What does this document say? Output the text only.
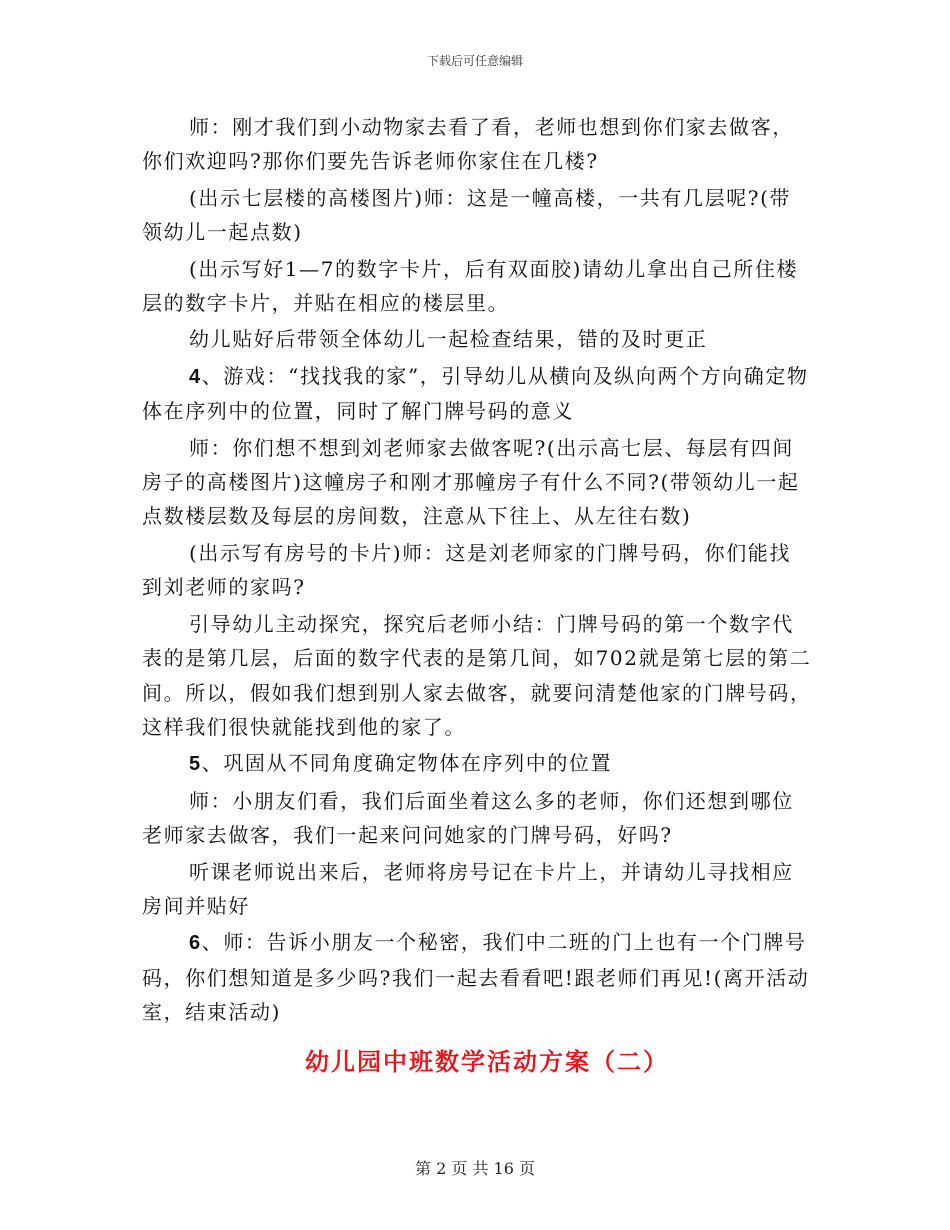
下载后可任意编辑

师：刚才我们到小动物家去看了看，老师也想到你们家去做客，你们欢迎吗?那你们要先告诉老师你家住在几楼?

(出示七层楼的高楼图片)师：这是一幢高楼，一共有几层呢?(带领幼儿一起点数)

(出示写好1—7的数字卡片，后有双面胶)请幼儿拿出自己所住楼层的数字卡片，并贴在相应的楼层里。

幼儿贴好后带领全体幼儿一起检查结果，错的及时更正

4、游戏：“找找我的家”，引导幼儿从横向及纵向两个方向确定物体在序列中的位置，同时了解门牌号码的意义

师：你们想不想到刘老师家去做客呢?(出示高七层、每层有四间房子的高楼图片)这幢房子和刚才那幢房子有什么不同?(带领幼儿一起点数楼层数及每层的房间数，注意从下往上、从左往右数)

(出示写有房号的卡片)师：这是刘老师家的门牌号码，你们能找到刘老师的家吗?

引导幼儿主动探究，探究后老师小结：门牌号码的第一个数字代表的是第几层，后面的数字代表的是第几间，如702就是第七层的第二间。所以，假如我们想到别人家去做客，就要问清楚他家的门牌号码，这样我们很快就能找到他的家了。

5、巩固从不同角度确定物体在序列中的位置

师：小朋友们看，我们后面坐着这么多的老师，你们还想到哪位老师家去做客，我们一起来问问她家的门牌号码，好吗?

听课老师说出来后，老师将房号记在卡片上，并请幼儿寻找相应房间并贴好

6、师：告诉小朋友一个秘密，我们中二班的门上也有一个门牌号码，你们想知道是多少吗?我们一起去看看吧!跟老师们再见!(离开活动室，结束活动)

幼儿园中班数学活动方案（二）
第 2 页 共 16 页
